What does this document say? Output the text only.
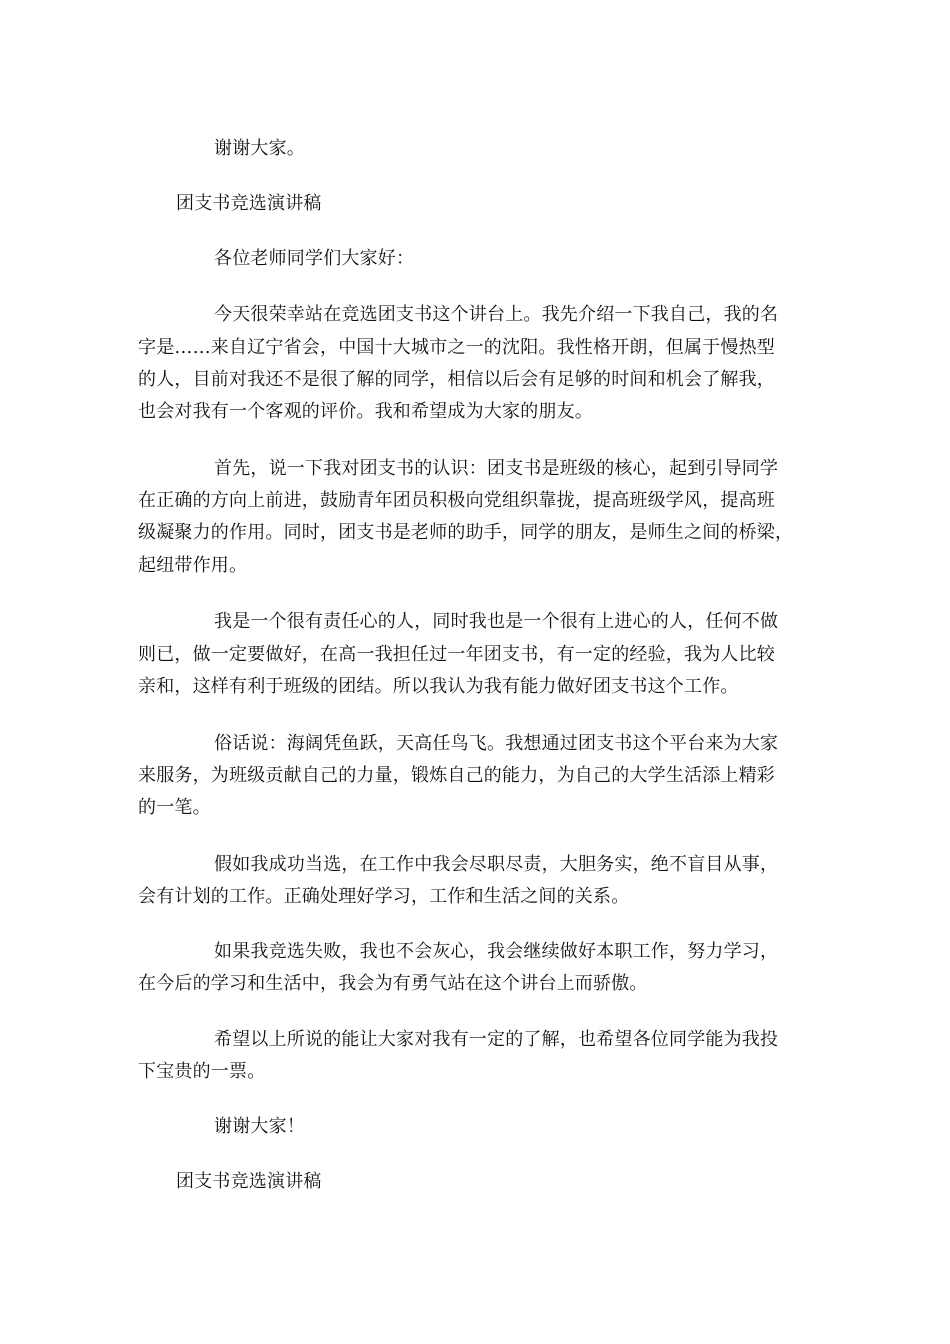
谢谢大家。
团支书竞选演讲稿
各位老师同学们大家好：
今天很荣幸站在竞选团支书这个讲台上。我先介绍一下我自己，我的名
字是……来自辽宁省会，中国十大城市之一的沈阳。我性格开朗，但属于慢热型
的人，目前对我还不是很了解的同学，相信以后会有足够的时间和机会了解我，
也会对我有一个客观的评价。我和希望成为大家的朋友。
首先，说一下我对团支书的认识：团支书是班级的核心，起到引导同学
在正确的方向上前进，鼓励青年团员积极向党组织靠拢，提高班级学风，提高班
级凝聚力的作用。同时，团支书是老师的助手，同学的朋友，是师生之间的桥梁，
起纽带作用。
我是一个很有责任心的人，同时我也是一个很有上进心的人，任何不做
则已，做一定要做好，在高一我担任过一年团支书，有一定的经验，我为人比较
亲和，这样有利于班级的团结。所以我认为我有能力做好团支书这个工作。
俗话说：海阔凭鱼跃，天高任鸟飞。我想通过团支书这个平台来为大家
来服务，为班级贡献自己的力量，锻炼自己的能力，为自己的大学生活添上精彩
的一笔。
假如我成功当选，在工作中我会尽职尽责，大胆务实，绝不盲目从事，
会有计划的工作。正确处理好学习，工作和生活之间的关系。
如果我竞选失败，我也不会灰心，我会继续做好本职工作，努力学习，
在今后的学习和生活中，我会为有勇气站在这个讲台上而骄傲。
希望以上所说的能让大家对我有一定的了解，也希望各位同学能为我投
下宝贵的一票。
谢谢大家！
团支书竞选演讲稿
